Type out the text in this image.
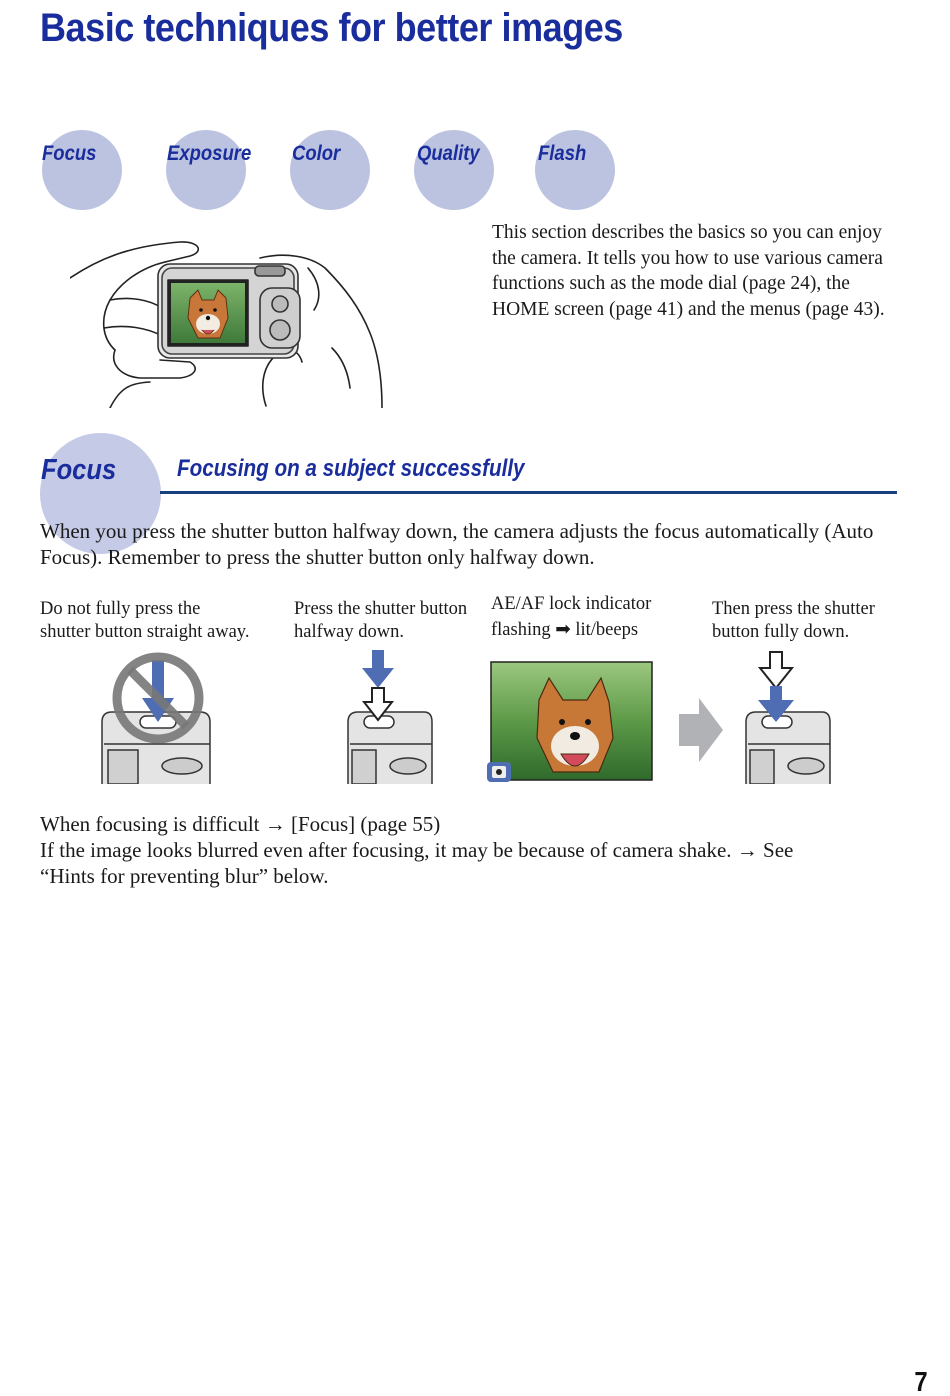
Basic techniques for better images
Focus	Exposure Color	Quality	Flash
This section describes the basics so you can enjoy the camera. It tells you how to use various camera functions such as the mode dial (page 24), the HOME screen (page 41) and the menus (page 43).
Focus	Focusing on a subject successfully
When you press the shutter button halfway down, the camera adjusts the focus automatically (Auto Focus). Remember to press the shutter button only halfway down.
Do not fully press the
shutter button straight away.
Press the shutter button
halfway down.
AE/AF lock indicator
flashing ➡ lit/beeps
Then press the shutter
button fully down.
When focusing is difficult → [Focus] (page 55)
If the image looks blurred even after focusing, it may be because of camera shake. → See
“Hints for preventing blur” below.
7
